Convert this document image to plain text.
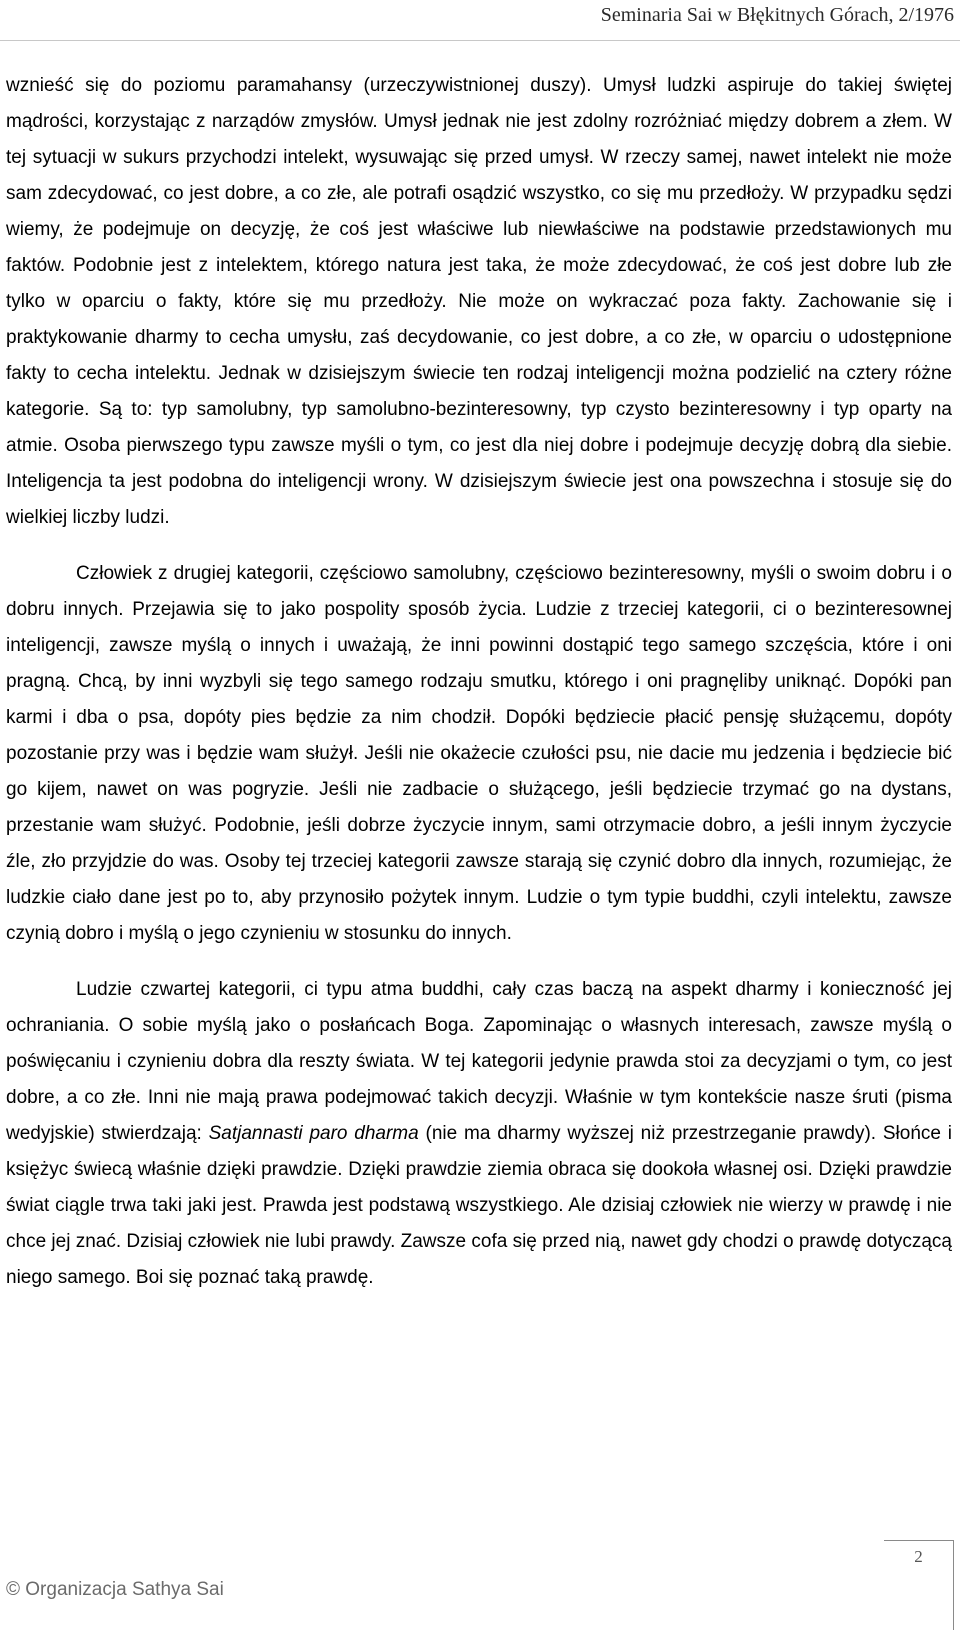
Seminaria Sai w Błękitnych Górach, 2/1976

wznieść się do poziomu paramahansy (urzeczywistnionej duszy). Umysł ludzki aspiruje do takiej świętej mądrości, korzystając z narządów zmysłów. Umysł jednak nie jest zdolny rozróżniać między dobrem a złem. W tej sytuacji w sukurs przychodzi intelekt, wysuwając się przed umysł. W rzeczy samej, nawet intelekt nie może sam zdecydować, co jest dobre, a co złe, ale potrafi osądzić wszystko, co się mu przedłoży. W przypadku sędzi wiemy, że podejmuje on decyzję, że coś jest właściwe lub niewłaściwe na podstawie przedstawionych mu faktów. Podobnie jest z intelektem, którego natura jest taka, że może zdecydować, że coś jest dobre lub złe tylko w oparciu o fakty, które się mu przedłoży. Nie może on wykraczać poza fakty. Zachowanie się i praktykowanie dharmy to cecha umysłu, zaś decydowanie, co jest dobre, a co złe, w oparciu o udostępnione fakty to cecha intelektu. Jednak w dzisiejszym świecie ten rodzaj inteligencji można podzielić na cztery różne kategorie. Są to: typ samolubny, typ samolubno-bezinteresowny, typ czysto bezinteresowny i typ oparty na atmie. Osoba pierwszego typu zawsze myśli o tym, co jest dla niej dobre i podejmuje decyzję dobrą dla siebie. Inteligencja ta jest podobna do inteligencji wrony. W dzisiejszym świecie jest ona powszechna i stosuje się do wielkiej liczby ludzi.

Człowiek z drugiej kategorii, częściowo samolubny, częściowo bezinteresowny, myśli o swoim dobru i o dobru innych. Przejawia się to jako pospolity sposób życia. Ludzie z trzeciej kategorii, ci o bezinteresownej inteligencji, zawsze myślą o innych i uważają, że inni powinni dostąpić tego samego szczęścia, które i oni pragną. Chcą, by inni wyzbyli się tego samego rodzaju smutku, którego i oni pragnęliby uniknąć. Dopóki pan karmi i dba o psa, dopóty pies będzie za nim chodził. Dopóki będziecie płacić pensję służącemu, dopóty pozostanie przy was i będzie wam służył. Jeśli nie okażecie czułości psu, nie dacie mu jedzenia i będziecie bić go kijem, nawet on was pogryzie. Jeśli nie zadbacie o służącego, jeśli będziecie trzymać go na dystans, przestanie wam służyć. Podobnie, jeśli dobrze życzycie innym, sami otrzymacie dobro, a jeśli innym życzycie źle, zło przyjdzie do was. Osoby tej trzeciej kategorii zawsze starają się czynić dobro dla innych, rozumiejąc, że ludzkie ciało dane jest po to, aby przynosiło pożytek innym. Ludzie o tym typie buddhi, czyli intelektu, zawsze czynią dobro i myślą o jego czynieniu w stosunku do innych.

Ludzie czwartej kategorii, ci typu atma buddhi, cały czas baczą na aspekt dharmy i konieczność jej ochraniania. O sobie myślą jako o posłańcach Boga. Zapominając o własnych interesach, zawsze myślą o poświęcaniu i czynieniu dobra dla reszty świata. W tej kategorii jedynie prawda stoi za decyzjami o tym, co jest dobre, a co złe. Inni nie mają prawa podejmować takich decyzji. Właśnie w tym kontekście nasze śruti (pisma wedyjskie) stwierdzają: Satjannasti paro dharma (nie ma dharmy wyższej niż przestrzeganie prawdy). Słońce i księżyc świecą właśnie dzięki prawdzie. Dzięki prawdzie ziemia obraca się dookoła własnej osi. Dzięki prawdzie świat ciągle trwa taki jaki jest. Prawda jest podstawą wszystkiego. Ale dzisiaj człowiek nie wierzy w prawdę i nie chce jej znać. Dzisiaj człowiek nie lubi prawdy. Zawsze cofa się przed nią, nawet gdy chodzi o prawdę dotyczącą niego samego. Boi się poznać taką prawdę.

© Organizacja Sathya Sai
2
